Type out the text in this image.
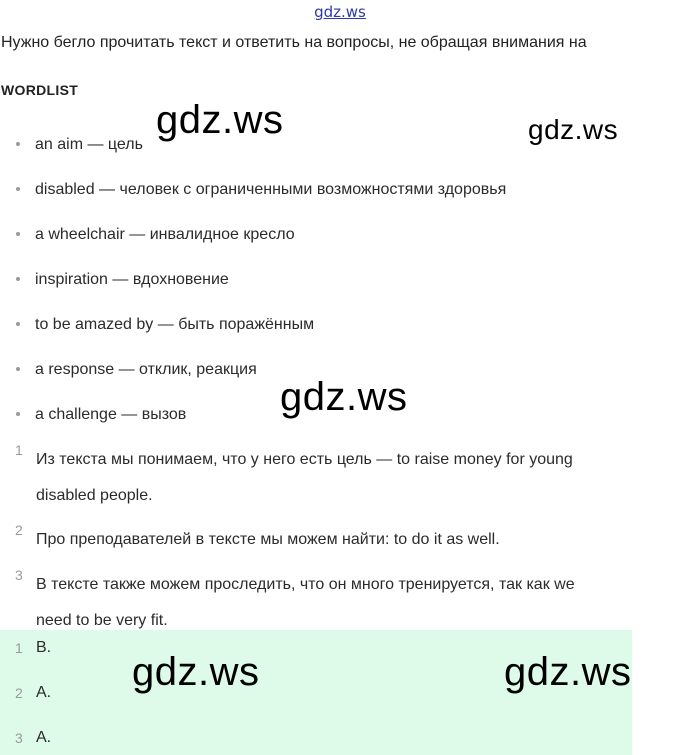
gdz.ws
Нужно бегло прочитать текст и ответить на вопросы, не обращая внимания на
WORDLIST
an aim — цель
disabled — человек с ограниченными возможностями здоровья
a wheelchair — инвалидное кресло
inspiration — вдохновение
to be amazed by — быть поражённым
a response — отклик, реакция
a challenge — вызов
1
Из текста мы понимаем, что у него есть цель — to raise money for young
disabled people.
2
Про преподавателей в тексте мы можем найти: to do it as well.
3
В тексте также можем проследить, что он много тренируется, так как we
need to be very fit.
1 B.
2 A.
3 A.
gdz.ws	gdz.ws
gdz.ws
gdz.ws	gdz.ws
